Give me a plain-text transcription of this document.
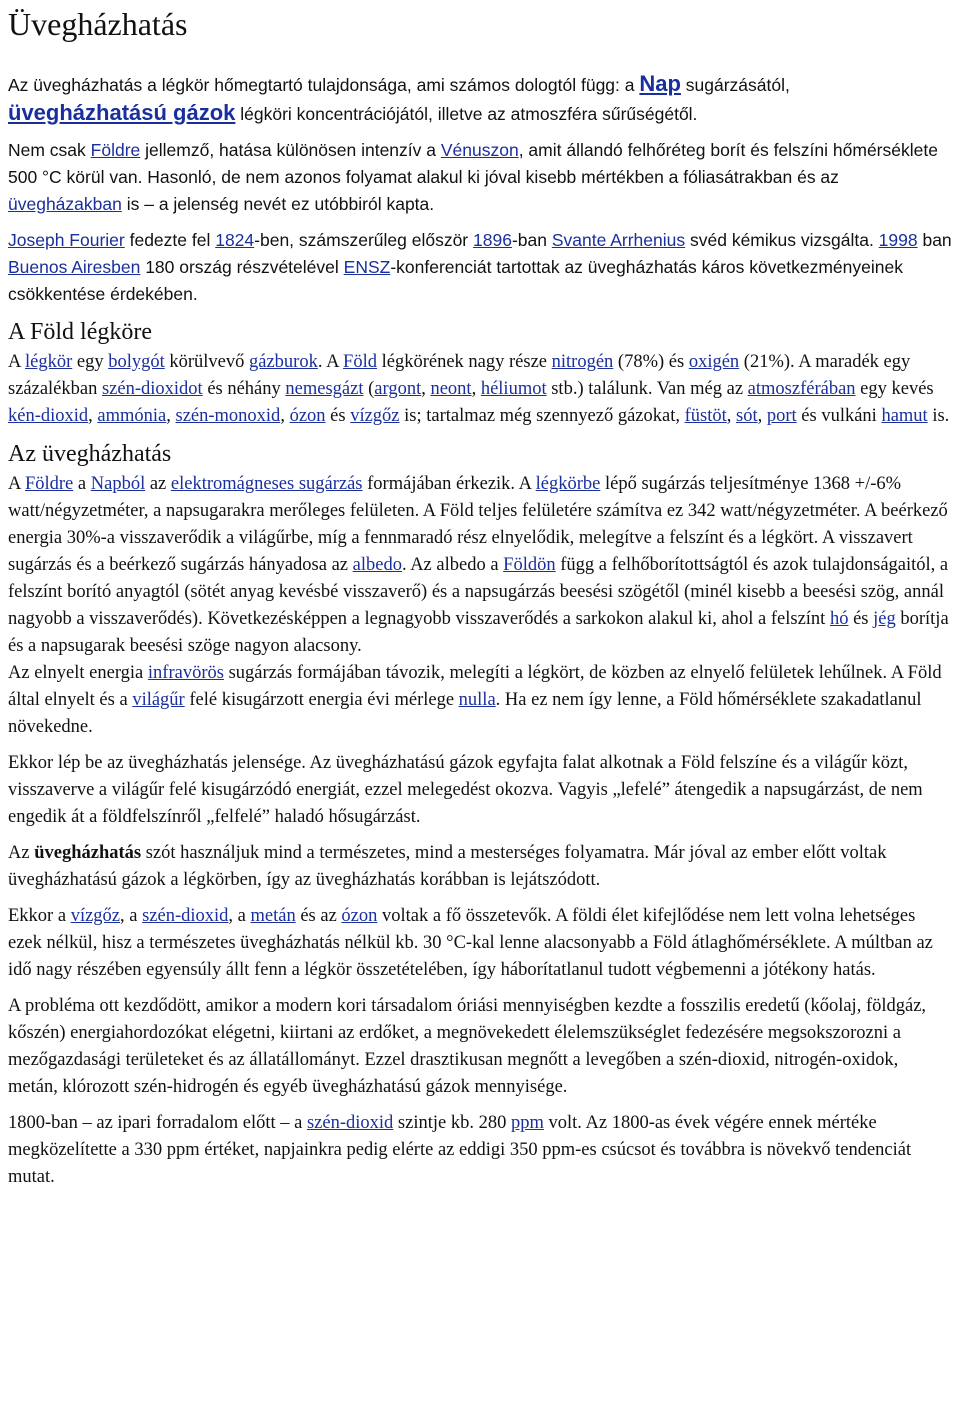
Üvegházhatás

Az üvegházhatás a légkör hőmegtartó tulajdonsága, ami számos dologtól függ: a Nap sugárzásától, üvegházhatású gázok légköri koncentrációjától, illetve az atmoszféra sűrűségétől.

Nem csak Földre jellemző, hatása különösen intenzív a Vénuszon, amit állandó felhőréteg borít és felszíni hőmérséklete 500 °C körül van. Hasonló, de nem azonos folyamat alakul ki jóval kisebb mértékben a fóliasátrakban és az üvegházakban is – a jelenség nevét ez utóbbiról kapta.

Joseph Fourier fedezte fel 1824-ben, számszerűleg először 1896-ban Svante Arrhenius svéd kémikus vizsgálta. 1998 ban Buenos Airesben 180 ország részvételével ENSZ-konferenciát tartottak az üvegházhatás káros következményeinek csökkentése érdekében.

A Föld légköre

A légkör egy bolygót körülvevő gázburok. A Föld légkörének nagy része nitrogén (78%) és oxigén (21%). A maradék egy százalékban szén-dioxidot és néhány nemesgázt (argont, neont, héliumot stb.) találunk. Van még az atmoszférában egy kevés kén-dioxid, ammónia, szén-monoxid, ózon és vízgőz is; tartalmaz még szennyező gázokat, füstöt, sót, port és vulkáni hamut is.

Az üvegházhatás

A Földre a Napból az elektromágneses sugárzás formájában érkezik. A légkörbe lépő sugárzás teljesítménye 1368 +/-6% watt/négyzetméter, a napsugarakra merőleges felületen. A Föld teljes felületére számítva ez 342 watt/négyzetméter. A beérkező energia 30%-a visszaverődik a világűrbe, míg a fennmaradó rész elnyelődik, melegítve a felszínt és a légkört. A visszavert sugárzás és a beérkező sugárzás hányadosa az albedo. Az albedo a Földön függ a felhőborítottságtól és azok tulajdonságaitól, a felszínt borító anyagtól (sötét anyag kevésbé visszaverő) és a napsugárzás beesési szögétől (minél kisebb a beesési szög, annál nagyobb a visszaverődés). Következésképpen a legnagyobb visszaverődés a sarkokon alakul ki, ahol a felszínt hó és jég borítja és a napsugarak beesési szöge nagyon alacsony.

Az elnyelt energia infravörös sugárzás formájában távozik, melegíti a légkört, de közben az elnyelő felületek lehűlnek. A Föld által elnyelt és a világűr felé kisugárzott energia évi mérlege nulla. Ha ez nem így lenne, a Föld hőmérséklete szakadatlanul növekedne.

Ekkor lép be az üvegházhatás jelensége. Az üvegházhatású gázok egyfajta falat alkotnak a Föld felszíne és a világűr közt, visszaverve a világűr felé kisugárzódó energiát, ezzel melegedést okozva. Vagyis „lefelé” átengedik a napsugárzást, de nem engedik át a földfelszínről „felfelé” haladó hősugárzást.

Az üvegházhatás szót használjuk mind a természetes, mind a mesterséges folyamatra. Már jóval az ember előtt voltak üvegházhatású gázok a légkörben, így az üvegházhatás korábban is lejátszódott.

Ekkor a vízgőz, a szén-dioxid, a metán és az ózon voltak a fő összetevők. A földi élet kifejlődése nem lett volna lehetséges ezek nélkül, hisz a természetes üvegházhatás nélkül kb. 30 °C-kal lenne alacsonyabb a Föld átlaghőmérséklete. A múltban az idő nagy részében egyensúly állt fenn a légkör összetételében, így háborítatlanul tudott végbemenni a jótékony hatás.

A probléma ott kezdődött, amikor a modern kori társadalom óriási mennyiségben kezdte a fosszilis eredetű (kőolaj, földgáz, kőszén) energiahordozókat elégetni, kiirtani az erdőket, a megnövekedett élelemszükséglet fedezésére megsokszorozni a mezőgazdasági területeket és az állatállományt. Ezzel drasztikusan megnőtt a levegőben a szén-dioxid, nitrogén-oxidok, metán, klórozott szén-hidrogén és egyéb üvegházhatású gázok mennyisége.

1800-ban – az ipari forradalom előtt – a szén-dioxid szintje kb. 280 ppm volt. Az 1800-as évek végére ennek mértéke megközelítette a 330 ppm értéket, napjainkra pedig elérte az eddigi 350 ppm-es csúcsot és továbbra is növekvő tendenciát mutat.
